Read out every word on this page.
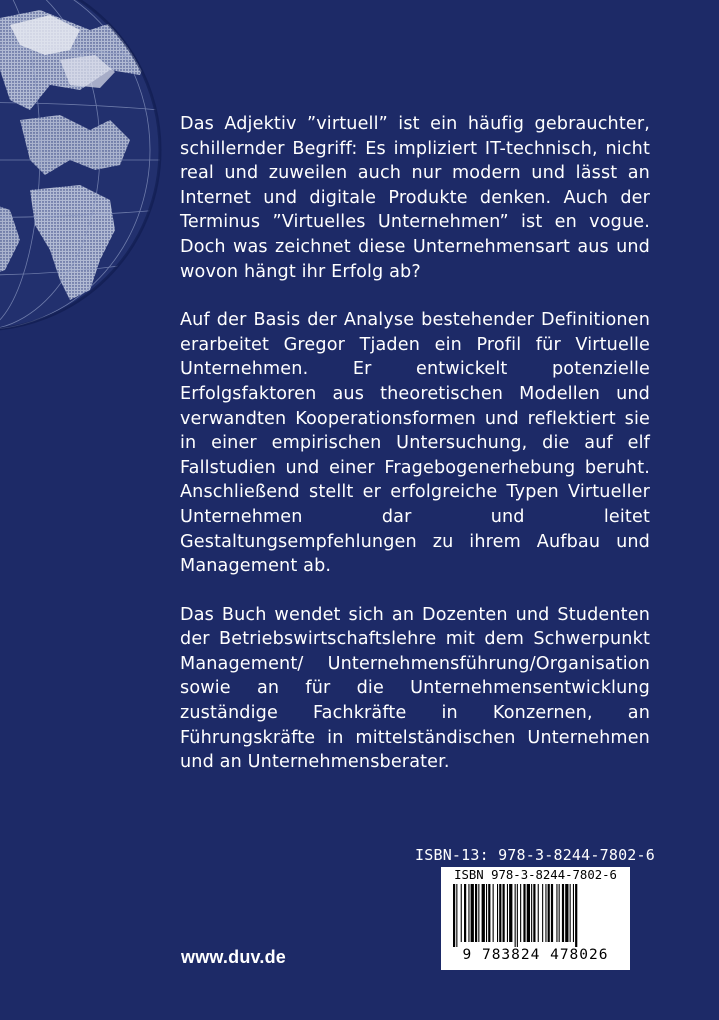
Das Adjektiv ”virtuell” ist ein häufig gebrauchter, schillernder Begriff: Es impliziert IT-technisch, nicht real und zuweilen auch nur modern und lässt an Internet und digitale Produkte denken. Auch der Terminus ”Virtuelles Unternehmen” ist en vogue. Doch was zeichnet diese Unternehmensart aus und wovon hängt ihr Erfolg ab?

Auf der Basis der Analyse bestehender Definitionen erarbeitet Gregor Tjaden ein Profil für Virtuelle Unternehmen. Er entwickelt potenzielle Erfolgsfaktoren aus theoretischen Modellen und verwandten Kooperationsformen und reflektiert sie in einer empirischen Untersuchung, die auf elf Fallstudien und einer Fragebogenerhebung beruht. Anschließend stellt er erfolgreiche Typen Virtueller Unternehmen dar und leitet Gestaltungsempfehlungen zu ihrem Aufbau und Management ab.

Das Buch wendet sich an Dozenten und Studenten der Betriebswirtschaftslehre mit dem Schwerpunkt Management/ Unternehmensführung/Organisation sowie an für die Unternehmensentwicklung zuständige Fachkräfte in Konzernen, an Führungskräfte in mittelständischen Unternehmen und an Unternehmensberater.

ISBN-13: 978-3-8244-7802-6
ISBN 978-3-8244-7802-6
9 783824 478026
www.duv.de
